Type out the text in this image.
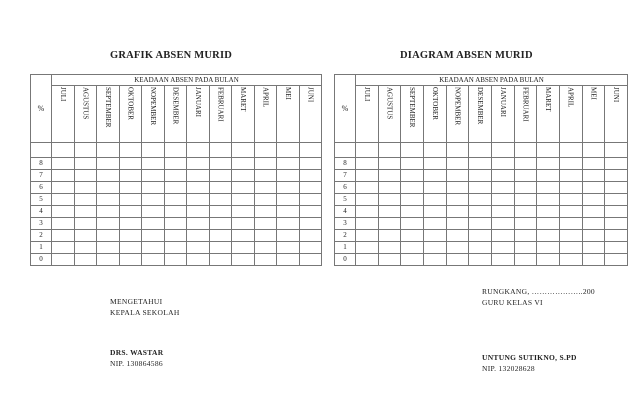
GRAFIK ABSEN MURID	DIAGRAM ABSEN MURID
%	KEADAAN ABSEN PADA BULAN											
	JULI	AGUSTUS	SEPTEMBER	OKTOBER	NOPEMBER	DESEMBER	JANUARI	FEBRUARI	MARET	APRIL	MEI	JUNI

8												
7												
6												
5												
4												
3												
2												
1												
0												
%	KEADAAN ABSEN PADA BULAN											
	JULI	AGUSTUS	SEPTEMBER	OKTOBER	NOPEMBER	DESEMBER	JANUARI	FEBRUARI	MARET	APRIL	MEI	JUNI

8												
7												
6												
5												
4												
3												
2												
1												
0												
MENGETAHUI
KEPALA SEKOLAH
DRS. WASTAR
NIP. 130864586
RUNGKANG, ………………..200
GURU KELAS VI
UNTUNG SUTIKNO, S.PD
NIP. 132028628
